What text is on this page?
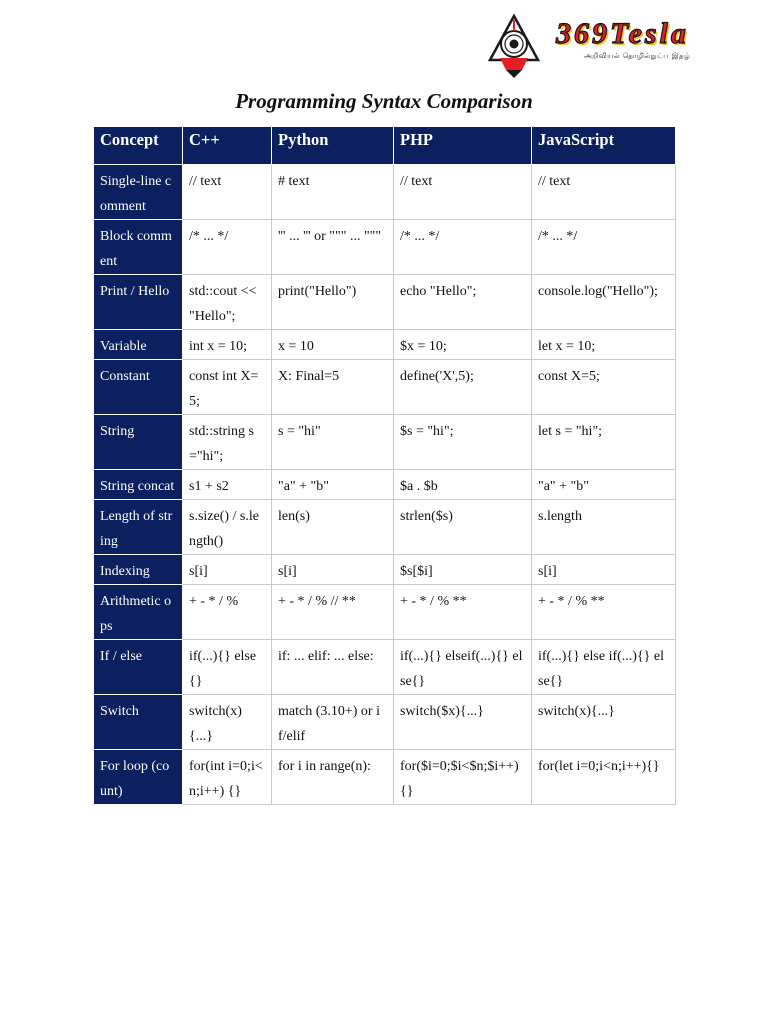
369Tesla
அறிவியல் தொழில்நுட்ப இதழ்
Programming Syntax Comparison
Concept	C++	Python	PHP	JavaScript
Single-line comment	// text	# text	// text	// text
Block comment	/* ... */	''' ... ''' or """ ... """	/* ... */	/* ... */
Print / Hello	std::cout << "Hello";	print("Hello")	echo "Hello";	console.log("Hello");
Variable	int x = 10;	x = 10	$x = 10;	let x = 10;
Constant	const int X=5;	X: Final=5	define('X',5);	const X=5;
String	std::string s="hi";	s = "hi"	$s = "hi";	let s = "hi";
String concat	s1 + s2	"a" + "b"	$a . $b	"a" + "b"
Length of string	s.size() / s.length()	len(s)	strlen($s)	s.length
Indexing	s[i]	s[i]	$s[$i]	s[i]
Arithmetic ops	+ - * / %	+ - * / % // **	+ - * / % **	+ - * / % **
If / else	if(...){} else{}	if: ... elif: ... else:	if(...){} elseif(...){} else{}	if(...){} else if(...){} else{}
Switch	switch(x){...}	match (3.10+) or if/elif	switch($x){...}	switch(x){...}
For loop (count)	for(int i=0;i<n;i++) {}	for i in range(n):	for($i=0;$i<$n;$i++){}	for(let i=0;i<n;i++){}
